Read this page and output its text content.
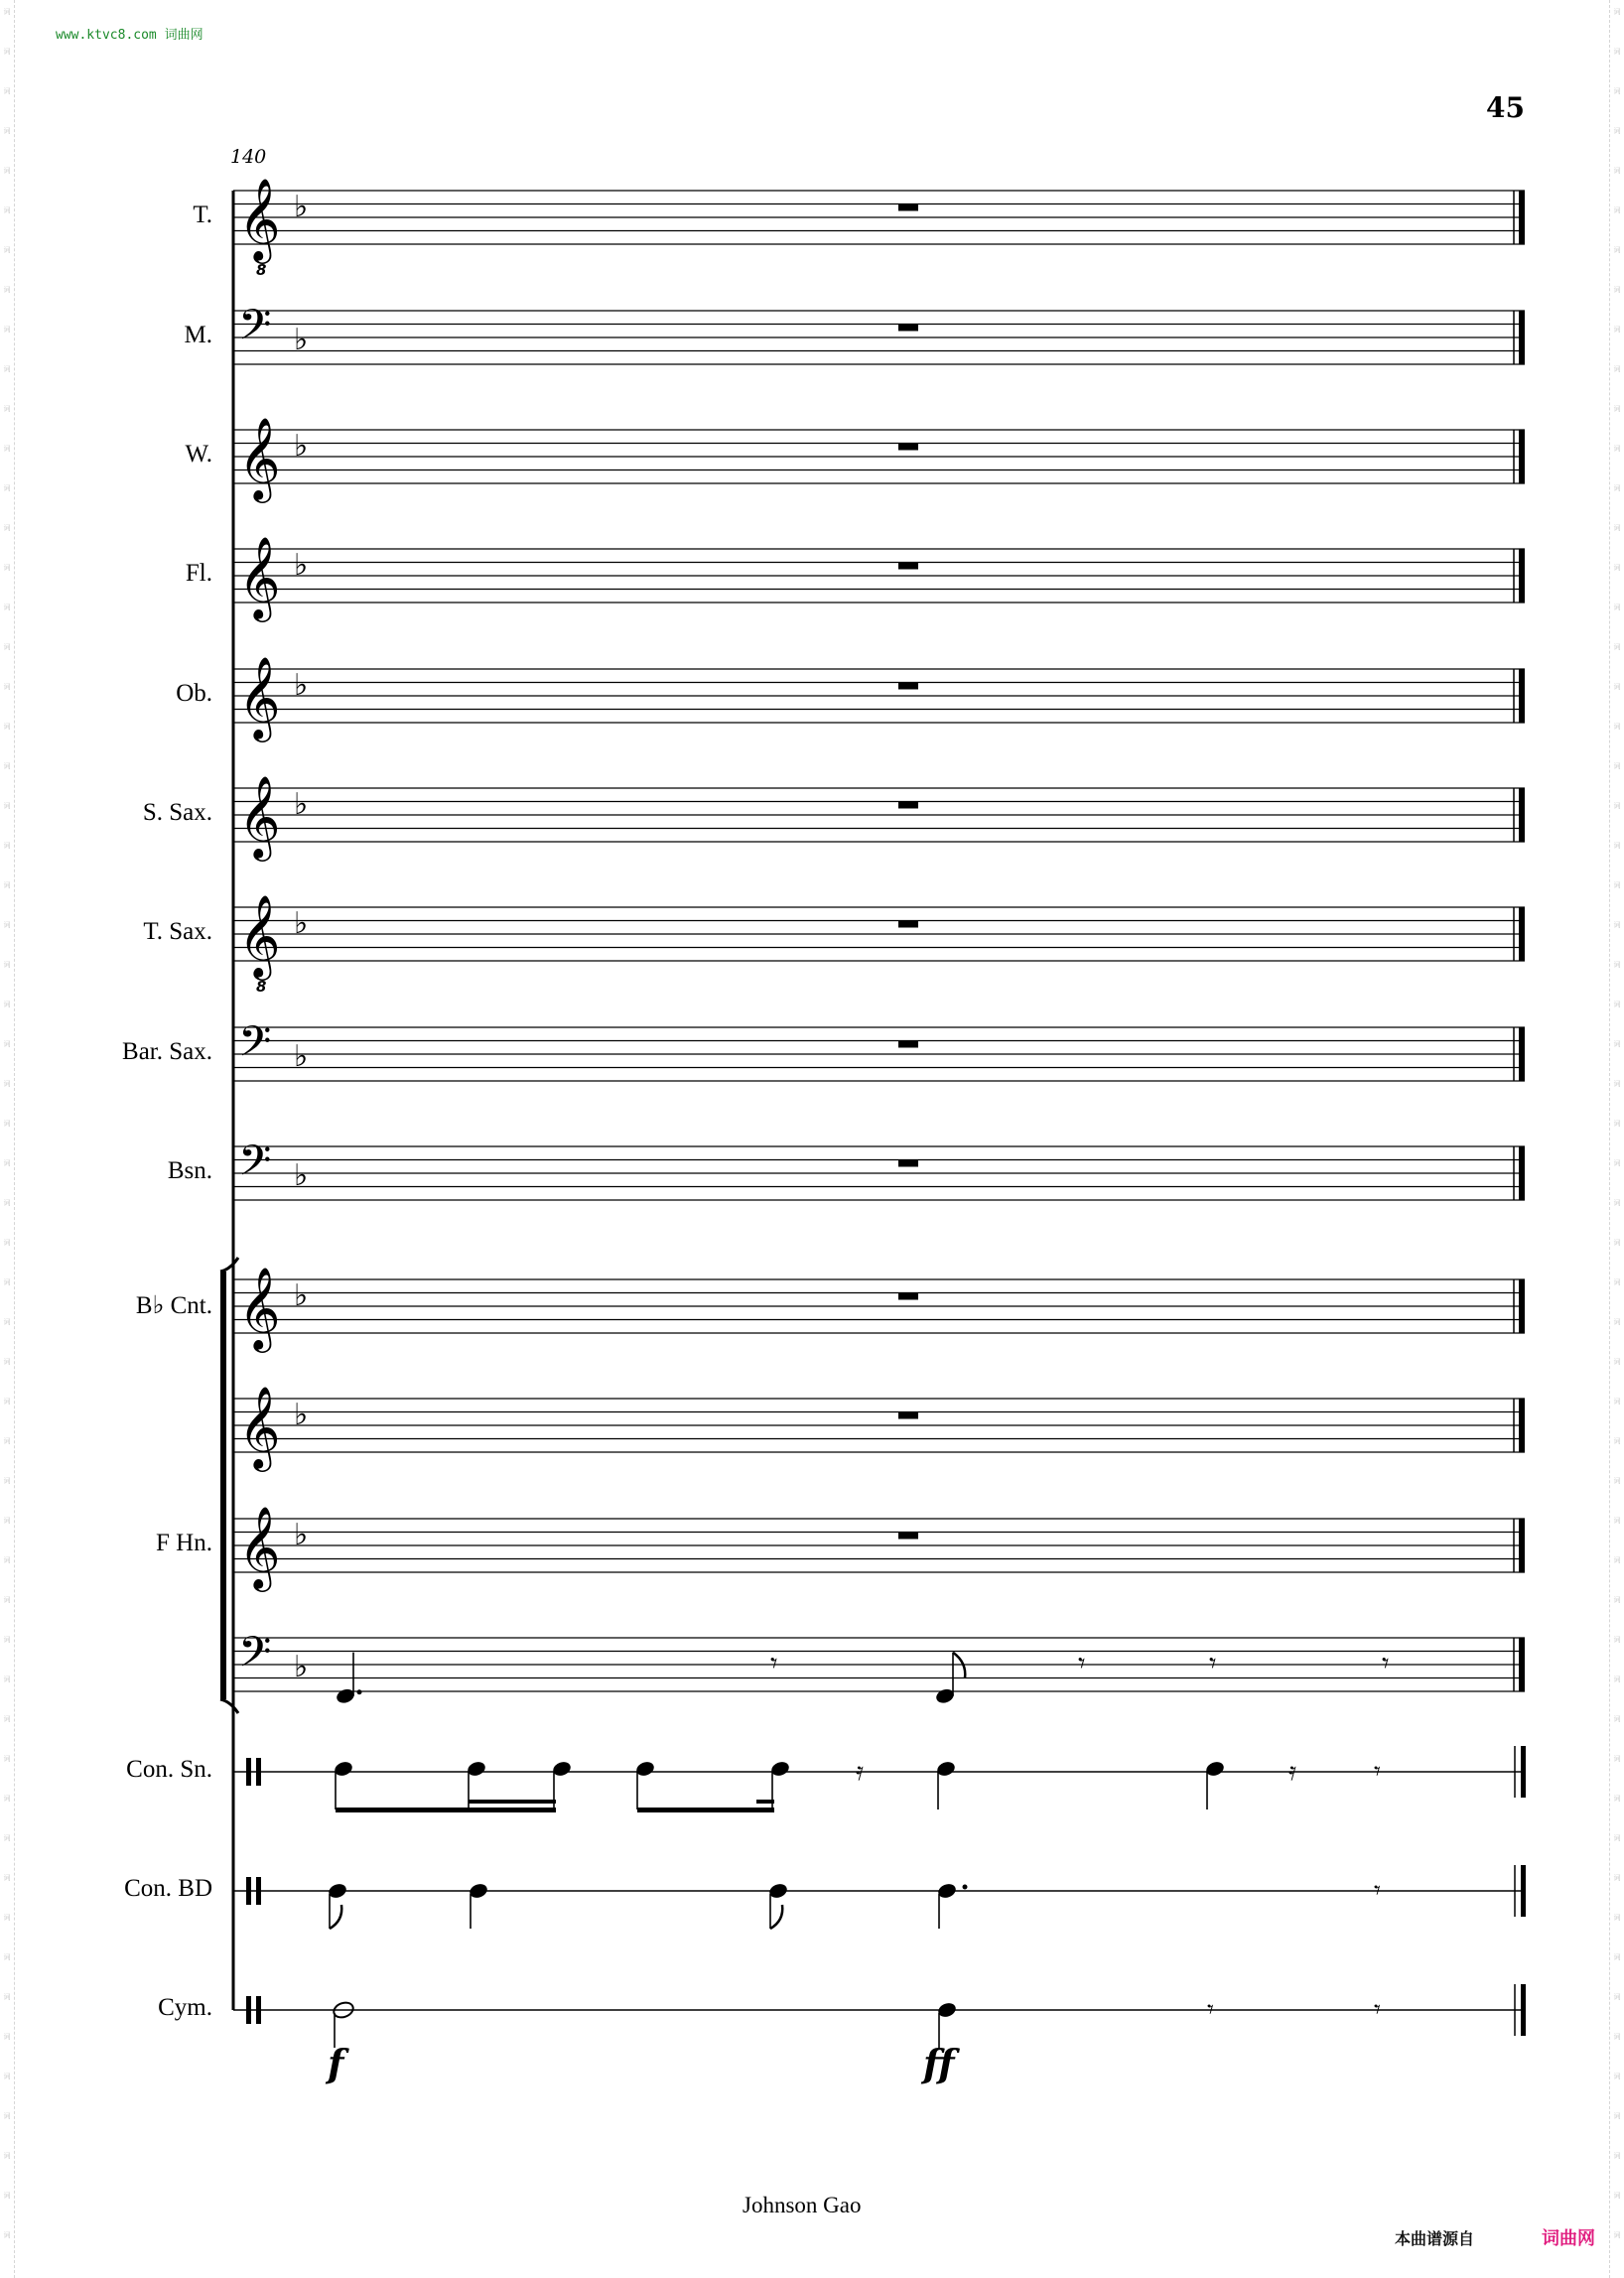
词
词
词
词
词
词
词
词
词
词
词
词
词
词
词
词
词
词
词
词
词
词
词
词
词
词
词
词
词
词
词
词
词
词
词
词
词
词
词
词
词
词
词
词
词
词
词
词
词
词
词
词
词
词
词
词
词
词
词
词
词
词
词
词
词
词
词
词
词
词
词
词
词
词
词
词
词
词
词
词
词
词
词
词
词
词
词
词
词
词
词
词
词
词
词
词
词
词
词
词
词
词
词
词
词
词
词
词
词
词
词
词
词
词
www.ktvc8.com 词曲网
45
140
T.
M.
W.
Fl.
Ob.
S. Sax.
T. Sax.
Bar. Sax.
Bsn.
B♭ Cnt.
F Hn.
Con. Sn.
Con. BD
Cym.
𝄞
8
♭
𝄢 ♭
𝄞 ♭
𝄞 ♭
𝄞 ♭
𝄞 ♭
𝄞
8
♭
𝄢 ♭
𝄢 ♭
𝄞 ♭
𝄞 ♭
𝄞 ♭
𝄢 ♭	𝄾	𝄾	𝄾	𝄾
𝄿	𝄿	𝄾
𝄾
𝄾	𝄾
f	ff
Johnson Gao
本曲谱源自	词曲网
